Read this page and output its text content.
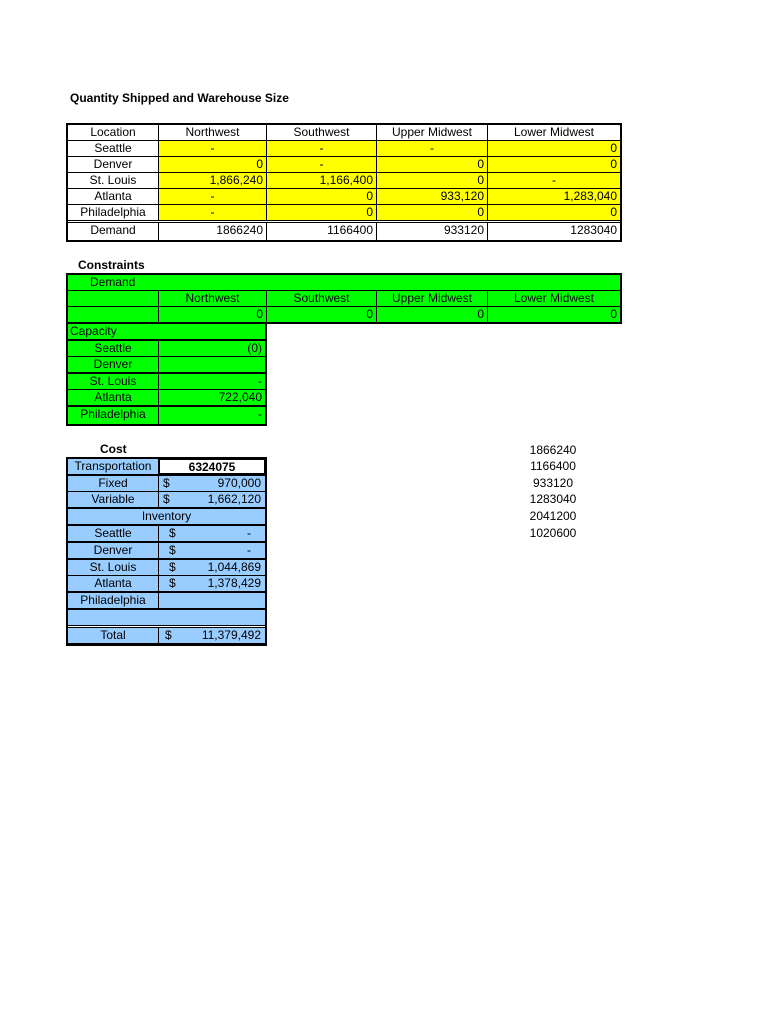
Quantity Shipped and Warehouse Size
Location	Northwest	Southwest	Upper Midwest	Lower Midwest
Seattle	-	-	-	0
Denver	0	-	0	0
St. Louis	1,866,240	1,166,400	0	-
Atlanta	-	0	933,120	1,283,040
Philadelphia	-	0	0	0
Demand	1866240	1166400	933120	1283040
Constraints
Demand
Northwest	Southwest	Upper Midwest	Lower Midwest
0	0	0	0
Capacity
Seattle	(0)
Denver
St. Louis	-
Atlanta	722,040
Philadelphia	-
Cost
Transportation	6324075
Fixed	$	970,000
Variable	$	1,662,120
Inventory
Seattle	$	-
Denver	$	-
St. Louis	$	1,044,869
Atlanta	$	1,378,429
Philadelphia
Total	$	11,379,492
1866240
1166400
933120
1283040
2041200
1020600
